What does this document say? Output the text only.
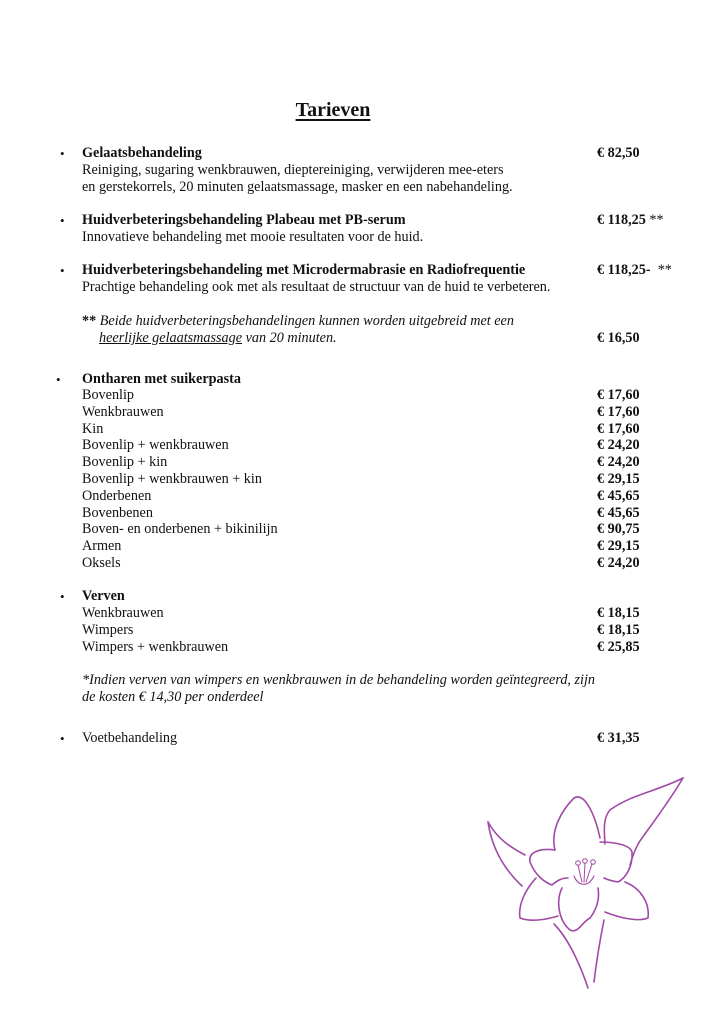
Tarieven
• Gelaatsbehandeling	€ 82,50
Reiniging, sugaring wenkbrauwen, dieptereiniging, verwijderen mee-eters
en gerstekorrels, 20 minuten gelaatsmassage, masker en een nabehandeling.
• Huidverbeteringsbehandeling Plabeau met PB-serum	€ 118,25 **
Innovatieve behandeling met mooie resultaten voor de huid.
• Huidverbeteringsbehandeling met Microdermabrasie en Radiofrequentie	€ 118,25-  **
Prachtige behandeling ook met als resultaat de structuur van de huid te verbeteren.
** Beide huidverbeteringsbehandelingen kunnen worden uitgebreid met een
heerlijke gelaatsmassage van 20 minuten.	€ 16,50
• Ontharen met suikerpasta
Bovenlip	€ 17,60
Wenkbrauwen	€ 17,60
Kin	€ 17,60
Bovenlip + wenkbrauwen	€ 24,20
Bovenlip + kin	€ 24,20
Bovenlip + wenkbrauwen + kin	€ 29,15
Onderbenen	€ 45,65
Bovenbenen	€ 45,65
Boven- en onderbenen + bikinilijn	€ 90,75
Armen	€ 29,15
Oksels	€ 24,20
• Verven
Wenkbrauwen	€ 18,15
Wimpers	€ 18,15
Wimpers + wenkbrauwen	€ 25,85
*Indien verven van wimpers en wenkbrauwen in de behandeling worden geïntegreerd, zijn
de kosten € 14,30 per onderdeel
• Voetbehandeling	€ 31,35
